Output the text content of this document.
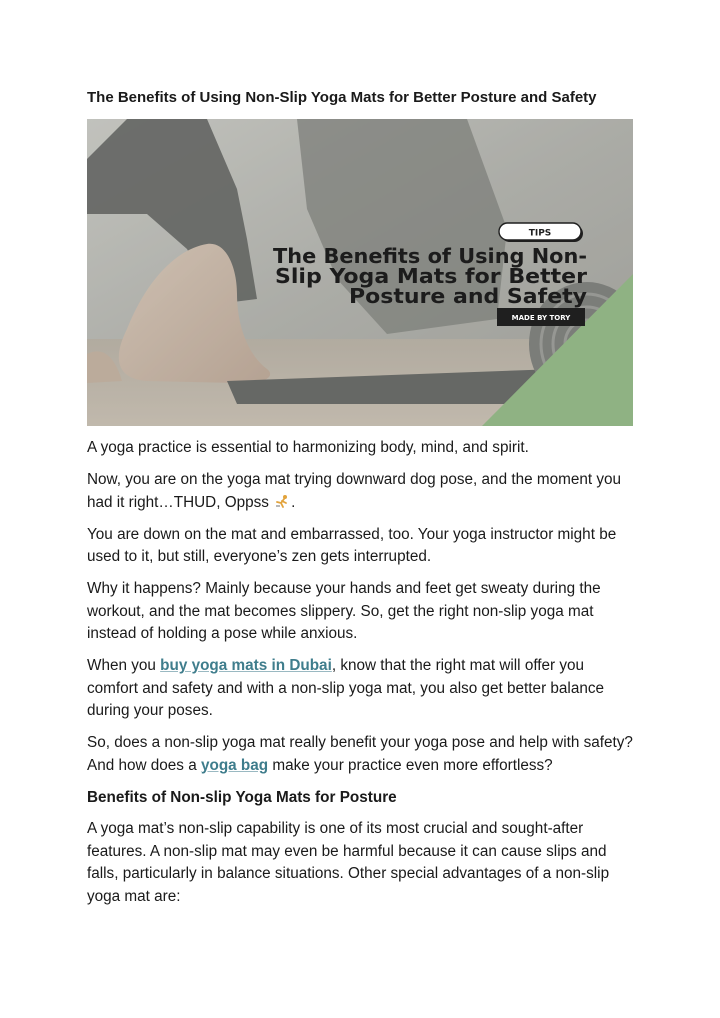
The Benefits of Using Non-Slip Yoga Mats for Better Posture and Safety
TIPS
The Benefits of Using Non-
Slip Yoga Mats for Better
Posture and Safety
MADE BY TORY

A yoga practice is essential to harmonizing body, mind, and spirit.

Now, you are on the yoga mat trying downward dog pose, and the moment you had it right…THUD, Oppss .

You are down on the mat and embarrassed, too. Your yoga instructor might be used to it, but still, everyone’s zen gets interrupted.

Why it happens? Mainly because your hands and feet get sweaty during the workout, and the mat becomes slippery. So, get the right non-slip yoga mat instead of holding a pose while anxious.

When you buy yoga mats in Dubai, know that the right mat will offer you comfort and safety and with a non-slip yoga mat, you also get better balance during your poses.

So, does a non-slip yoga mat really benefit your yoga pose and help with safety? And how does a yoga bag make your practice even more effortless?

Benefits of Non-slip Yoga Mats for Posture

A yoga mat’s non-slip capability is one of its most crucial and sought-after features. A non-slip mat may even be harmful because it can cause slips and falls, particularly in balance situations. Other special advantages of a non-slip yoga mat are:
